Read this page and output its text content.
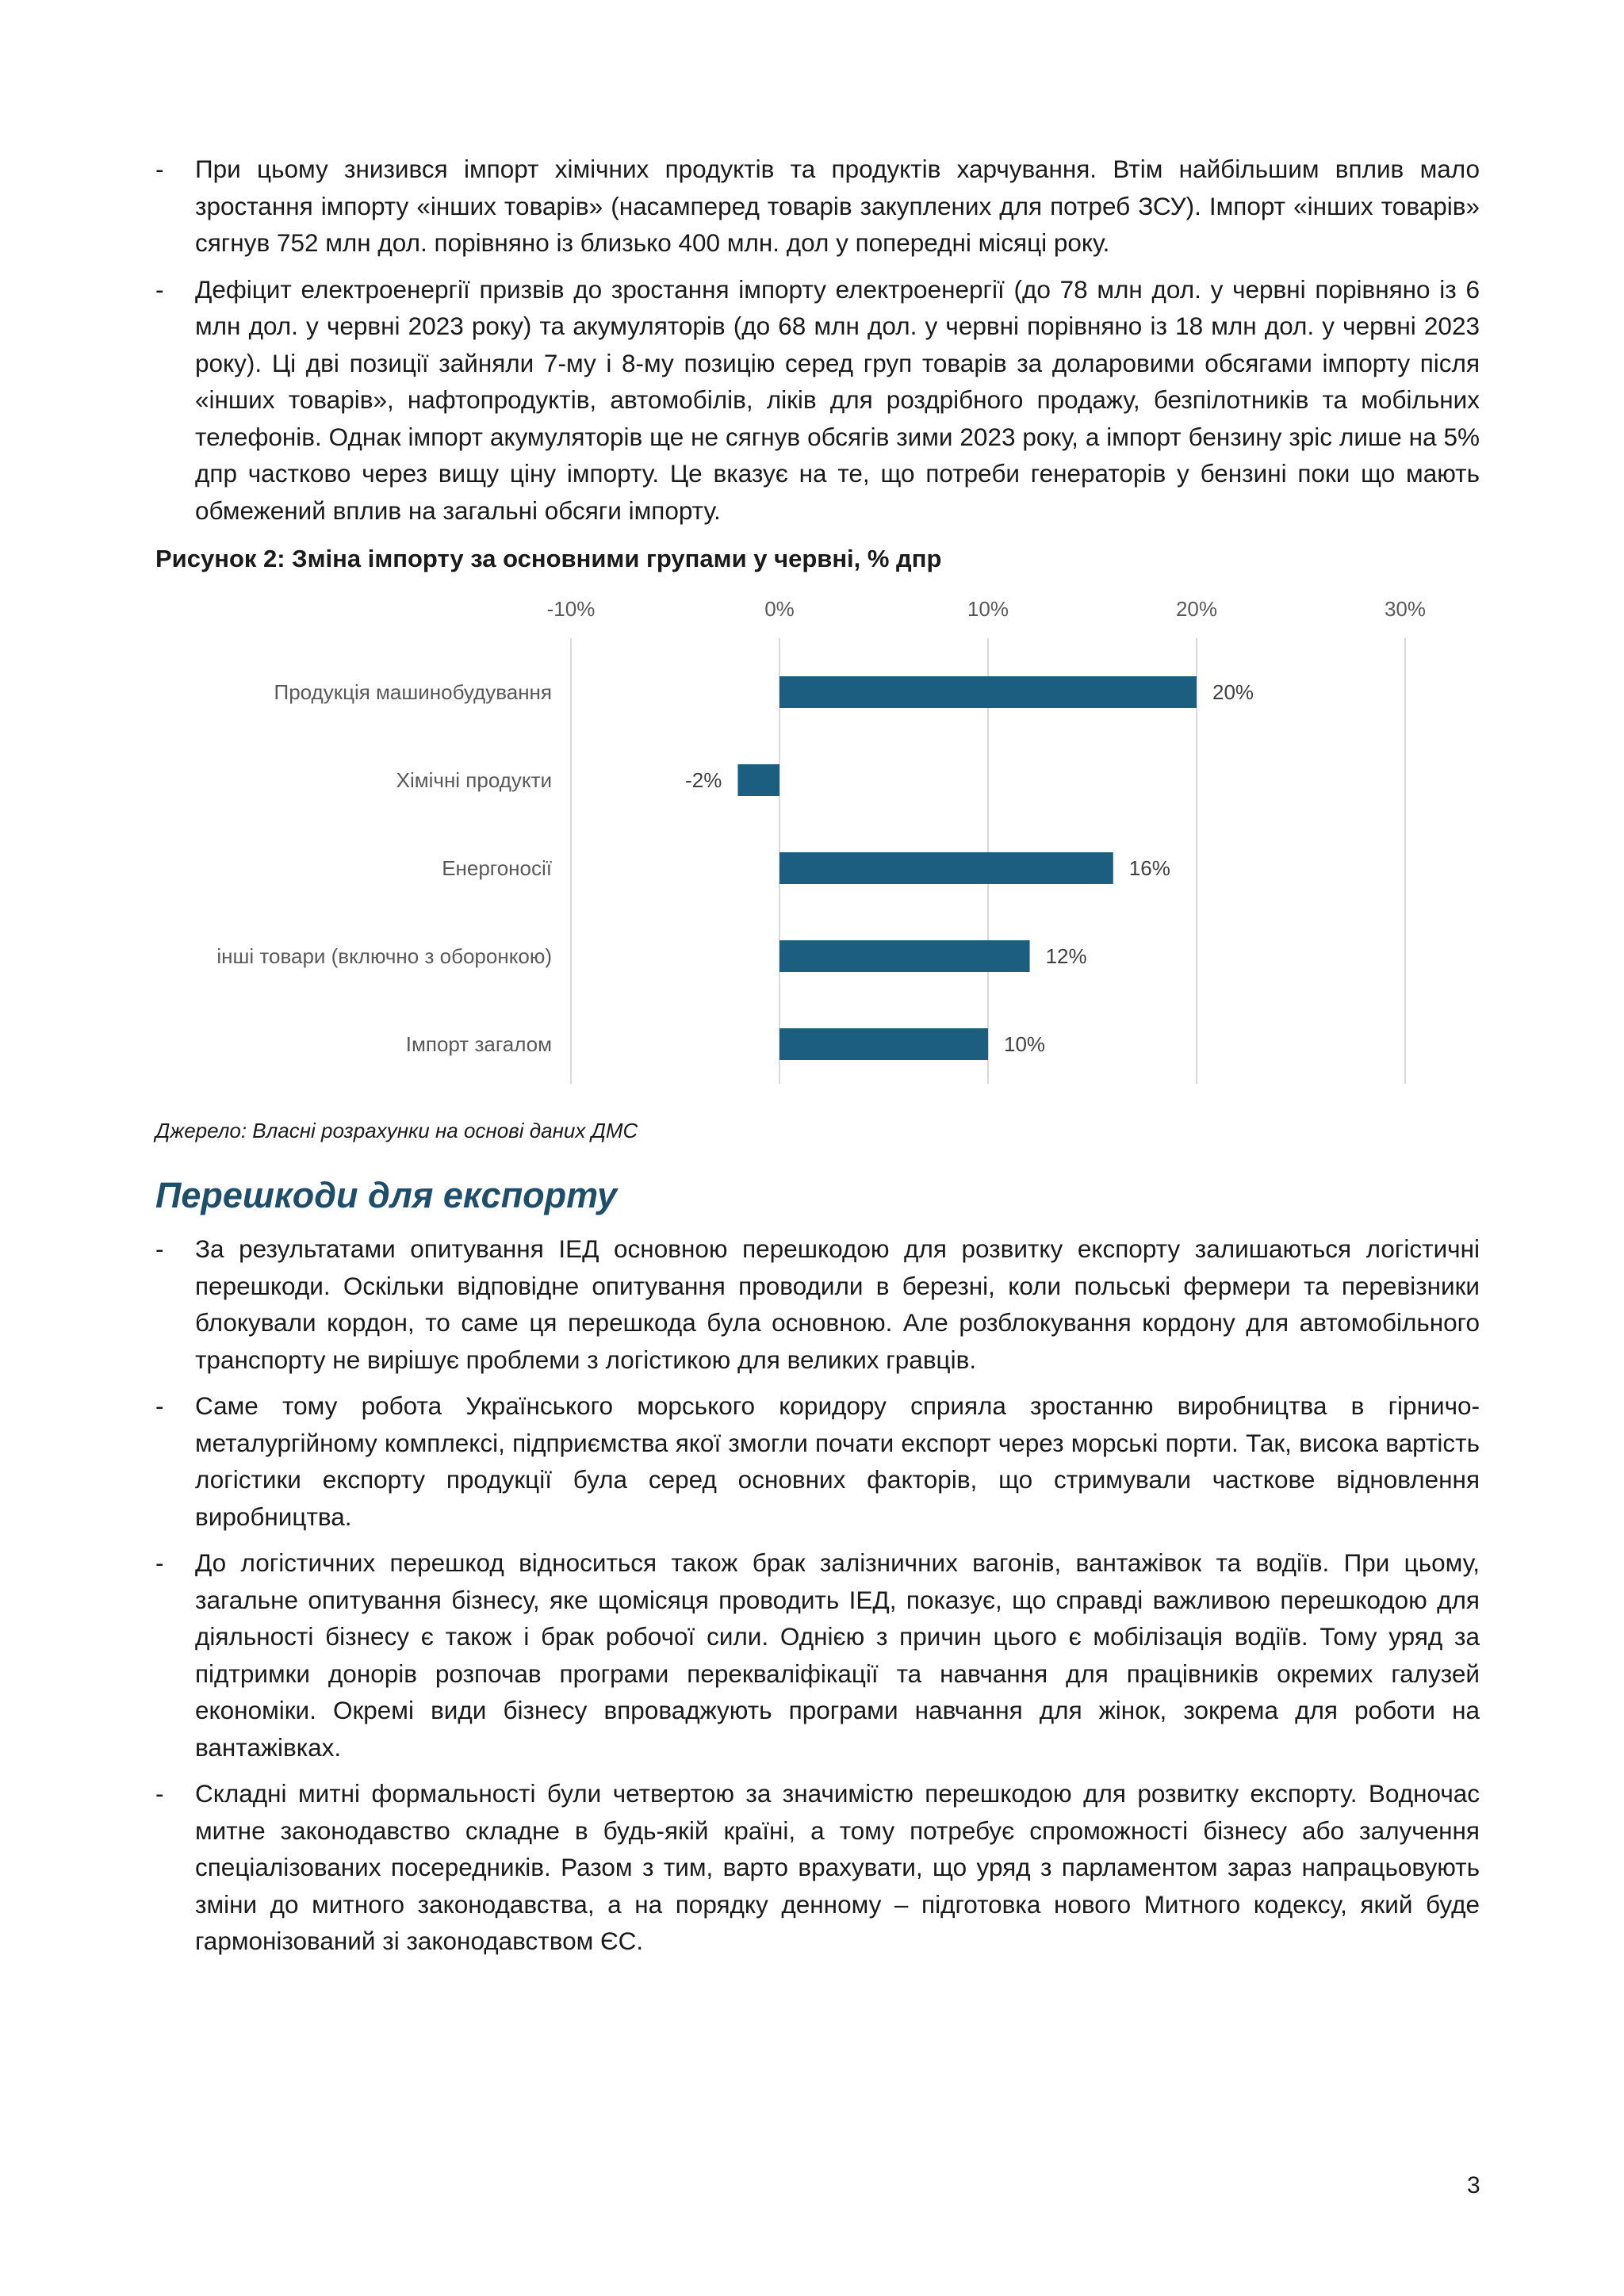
- При цьому знизився імпорт хімічних продуктів та продуктів харчування. Втім найбільшим вплив мало зростання імпорту «інших товарів» (насамперед товарів закуплених для потреб ЗСУ). Імпорт «інших товарів» сягнув 752 млн дол. порівняно із близько 400 млн. дол у попередні місяці року.

- Дефіцит електроенергії призвів до зростання імпорту електроенергії (до 78 млн дол. у червні порівняно із 6 млн дол. у червні 2023 року) та акумуляторів (до 68 млн дол. у червні порівняно із 18 млн дол. у червні 2023 року). Ці дві позиції зайняли 7-му і 8-му позицію серед груп товарів за доларовими обсягами імпорту після «інших товарів», нафтопродуктів, автомобілів, ліків для роздрібного продажу, безпілотників та мобільних телефонів. Однак імпорт акумуляторів ще не сягнув обсягів зими 2023 року, а імпорт бензину зріс лише на 5% дпр частково через вищу ціну імпорту. Це вказує на те, що потреби генераторів у бензині поки що мають обмежений вплив на загальні обсяги імпорту.

Рисунок 2: Зміна імпорту за основними групами у червні, % дпр

-10%	0%	10%	20%	30%
Продукція машинобудування	20%
Хімічні продукти	-2%
Енергоносії	16%
інші товари (включно з оборонкою)	12%
Імпорт загалом	10%

Джерело: Власні розрахунки на основі даних ДМС

Перешкоди для експорту

- За результатами опитування ІЕД основною перешкодою для розвитку експорту залишаються логістичні перешкоди. Оскільки відповідне опитування проводили в березні, коли польські фермери та перевізники блокували кордон, то саме ця перешкода була основною. Але розблокування кордону для автомобільного транспорту не вирішує проблеми з логістикою для великих гравців.

- Саме тому робота Українського морського коридору сприяла зростанню виробництва в гірничо-металургійному комплексі, підприємства якої змогли почати експорт через морські порти. Так, висока вартість логістики експорту продукції була серед основних факторів, що стримували часткове відновлення виробництва.

- До логістичних перешкод відноситься також брак залізничних вагонів, вантажівок та водіїв. При цьому, загальне опитування бізнесу, яке щомісяця проводить ІЕД, показує, що справді важливою перешкодою для діяльності бізнесу є також і брак робочої сили. Однією з причин цього є мобілізація водіїв. Тому уряд за підтримки донорів розпочав програми перекваліфікації та навчання для працівників окремих галузей економіки. Окремі види бізнесу впроваджують програми навчання для жінок, зокрема для роботи на вантажівках.

- Складні митні формальності були четвертою за значимістю перешкодою для розвитку експорту. Водночас митне законодавство складне в будь-якій країні, а тому потребує спроможності бізнесу або залучення спеціалізованих посередників. Разом з тим, варто врахувати, що уряд з парламентом зараз напрацьовують зміни до митного законодавства, а на порядку денному – підготовка нового Митного кодексу, який буде гармонізований зі законодавством ЄС.

3
